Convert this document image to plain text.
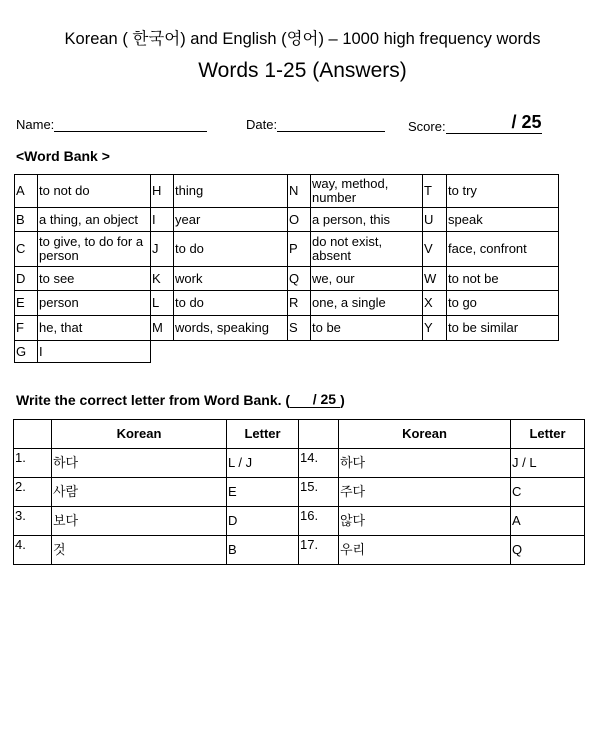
Korean ( 한국어) and English (영어) – 1000 high frequency words
Words 1-25 (Answers)
Name:	Date:	Score:	/ 25
<Word Bank >
A	to not do	H	thing	N	way, method, number	T	to try
B	a thing, an object	I	year	O	a person, this	U	speak
C	to give, to do for a person	J	to do	P	do not exist, absent	V	face, confront
D	to see	K	work	Q	we, our	W	to not be
E	person	L	to do	R	one, a single	X	to go
F	he, that	M	words, speaking	S	to be	Y	to be similar
G	I						
Write the correct letter from Word Bank. ( / 25 )
	Korean	Letter		Korean	Letter
1.	하다	L / J	14.	하다	J / L
2.	사람	E	15.	주다	C
3.	보다	D	16.	않다	A
4.	것	B	17.	우리	Q
